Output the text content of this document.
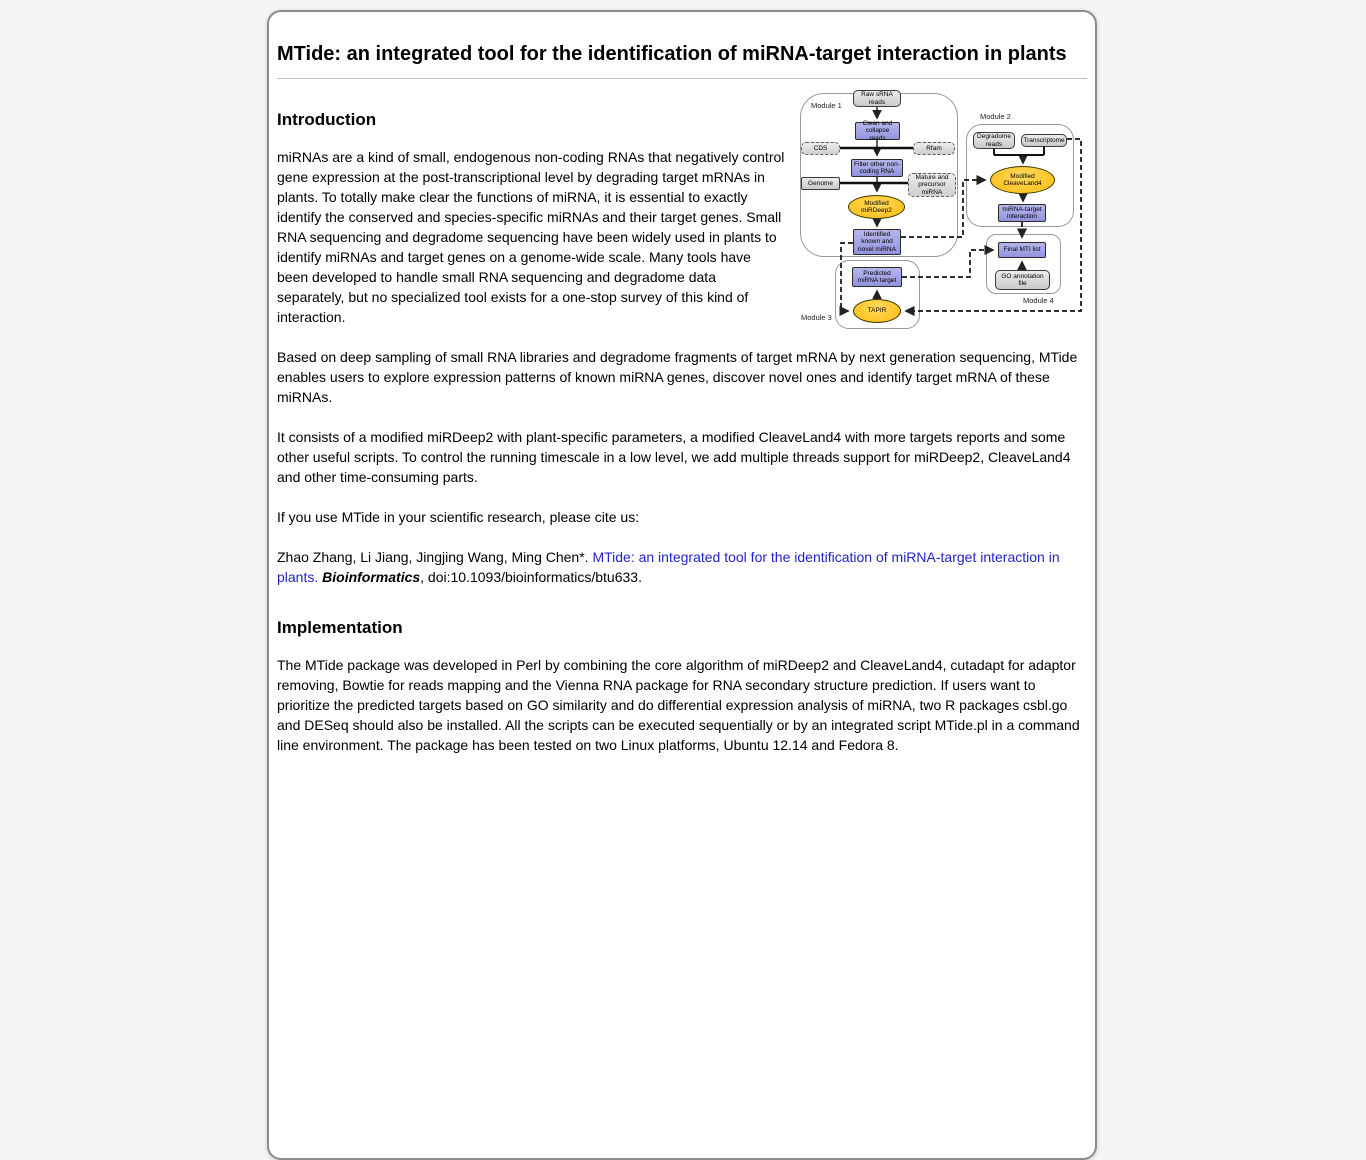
MTide: an integrated tool for the identification of miRNA-target interaction in plants
Module 1
Module 2
Module 3
Module 4
Raw sRNA reads
Clean and collapse reads
CDS	Rfam
Filter other non-coding RNA
Genome
Mature and precursor miRNA
Modified miRDeep2
Identified known and novel miRNA
Predicted miRNA target
TAPIR
Degradome reads
Transcriptome
Modified CleaveLand4
miRNA-target interaction
Final MTI list
GO annotation file
Introduction

miRNAs are a kind of small, endogenous non-coding RNAs that negatively control gene expression at the post-transcriptional level by degrading target mRNAs in plants. To totally make clear the functions of miRNA, it is essential to exactly identify the conserved and species-specific miRNAs and their target genes. Small RNA sequencing and degradome sequencing have been widely used in plants to identify miRNAs and target genes on a genome-wide scale. Many tools have been developed to handle small RNA sequencing and degradome data separately, but no specialized tool exists for a one-stop survey of this kind of interaction.

Based on deep sampling of small RNA libraries and degradome fragments of target mRNA by next generation sequencing, MTide enables users to explore expression patterns of known miRNA genes, discover novel ones and identify target mRNA of these miRNAs.

It consists of a modified miRDeep2 with plant-specific parameters, a modified CleaveLand4 with more targets reports and some other useful scripts. To control the running timescale in a low level, we add multiple threads support for miRDeep2, CleaveLand4 and other time-consuming parts.

If you use MTide in your scientific research, please cite us:

Zhao Zhang, Li Jiang, Jingjing Wang, Ming Chen*. MTide: an integrated tool for the identification of miRNA-target interaction in plants. Bioinformatics, doi:10.1093/bioinformatics/btu633.

Implementation

The MTide package was developed in Perl by combining the core algorithm of miRDeep2 and CleaveLand4, cutadapt for adaptor removing, Bowtie for reads mapping and the Vienna RNA package for RNA secondary structure prediction. If users want to prioritize the predicted targets based on GO similarity and do differential expression analysis of miRNA, two R packages csbl.go and DESeq should also be installed. All the scripts can be executed sequentially or by an integrated script MTide.pl in a command line environment. The package has been tested on two Linux platforms, Ubuntu 12.14 and Fedora 8.
